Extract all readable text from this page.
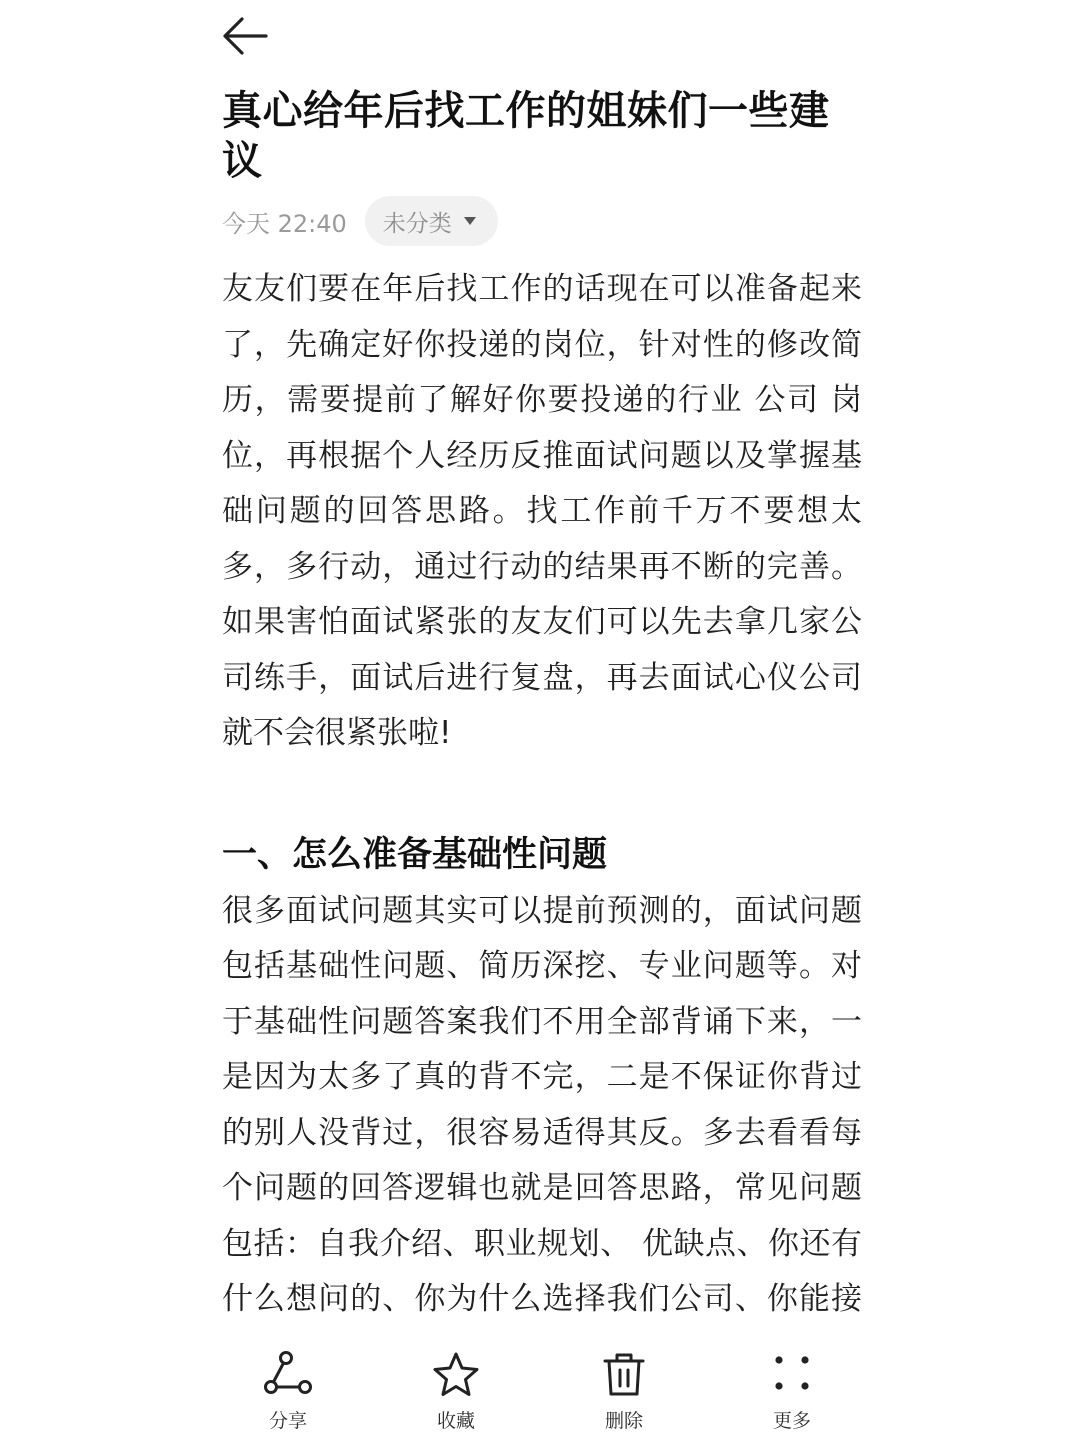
真心给年后找工作的姐妹们一些建议
今天 22:40 未分类

友友们要在年后找工作的话现在可以准备起来了，先确定好你投递的岗位，针对性的修改简历，需要提前了解好你要投递的行业 公司 岗位，再根据个人经历反推面试问题以及掌握基础问题的回答思路。找工作前千万不要想太多，多行动，通过行动的结果再不断的完善。如果害怕面试紧张的友友们可以先去拿几家公司练手，面试后进行复盘，再去面试心仪公司就不会很紧张啦!

一、怎么准备基础性问题

很多面试问题其实可以提前预测的，面试问题包括基础性问题、简历深挖、专业问题等。对于基础性问题答案我们不用全部背诵下来，一是因为太多了真的背不完，二是不保证你背过的别人没背过，很容易适得其反。多去看看每个问题的回答逻辑也就是回答思路，常见问题包括：自我介绍、职业规划、 优缺点、你还有什么想问的、你为什么选择我们公司、你能接

分享	收藏	删除	更多
